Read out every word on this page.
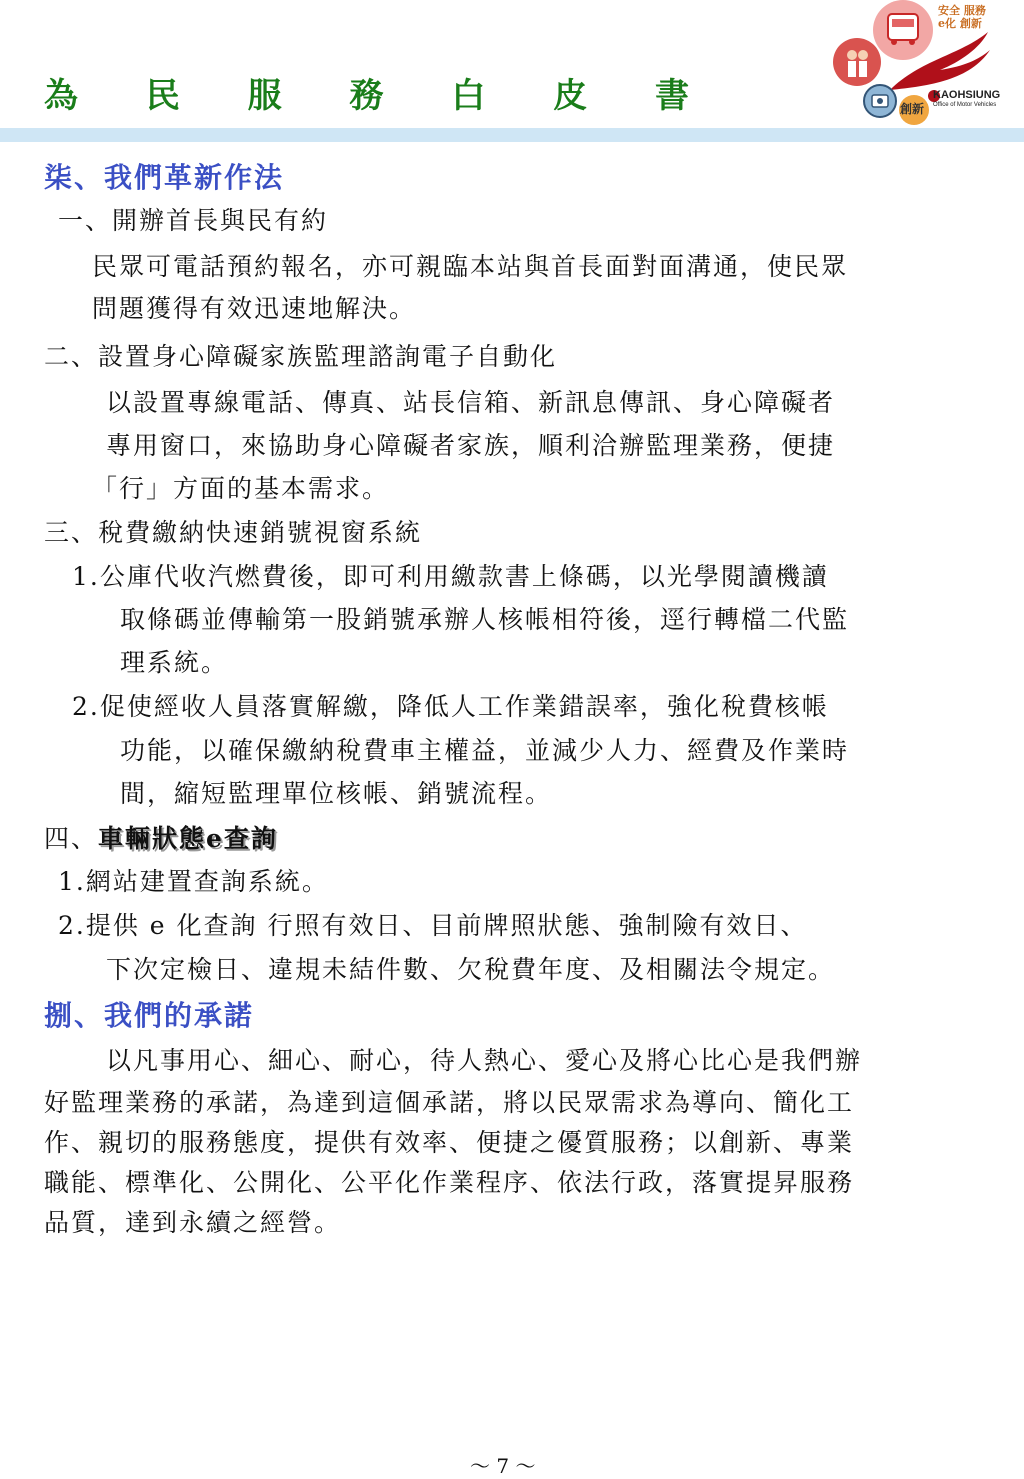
為 民 服 務 白 皮 書
安全 服務
e化 創新
KAOHSIUNG
Office of Motor Vehicles
創新
柒、我們革新作法
一、開辦首長與民有約
民眾可電話預約報名，亦可親臨本站與首長面對面溝通，使民眾
問題獲得有效迅速地解決。
二、設置身心障礙家族監理諮詢電子自動化
以設置專線電話、傳真、站長信箱、新訊息傳訊、身心障礙者
專用窗口，來協助身心障礙者家族，順利洽辦監理業務，便捷
「行」方面的基本需求。
三、稅費繳納快速銷號視窗系統
1.公庫代收汽燃費後，即可利用繳款書上條碼，以光學閱讀機讀
取條碼並傳輸第一股銷號承辦人核帳相符後，逕行轉檔二代監
理系統。
2.促使經收人員落實解繳，降低人工作業錯誤率，強化稅費核帳
功能，以確保繳納稅費車主權益，並減少人力、經費及作業時
間，縮短監理單位核帳、銷號流程。
四、車輛狀態e查詢
1.網站建置查詢系統。
2.提供 e 化查詢 行照有效日、目前牌照狀態、強制險有效日、
下次定檢日、違規未結件數、欠稅費年度、及相關法令規定。
捌、我們的承諾
以凡事用心、細心、耐心，待人熱心、愛心及將心比心是我們辦
好監理業務的承諾，為達到這個承諾，將以民眾需求為導向、簡化工
作、親切的服務態度，提供有效率、便捷之優質服務；以創新、專業
職能、標準化、公開化、公平化作業程序、依法行政，落實提昇服務
品質，達到永續之經營。
～ 7 ～
